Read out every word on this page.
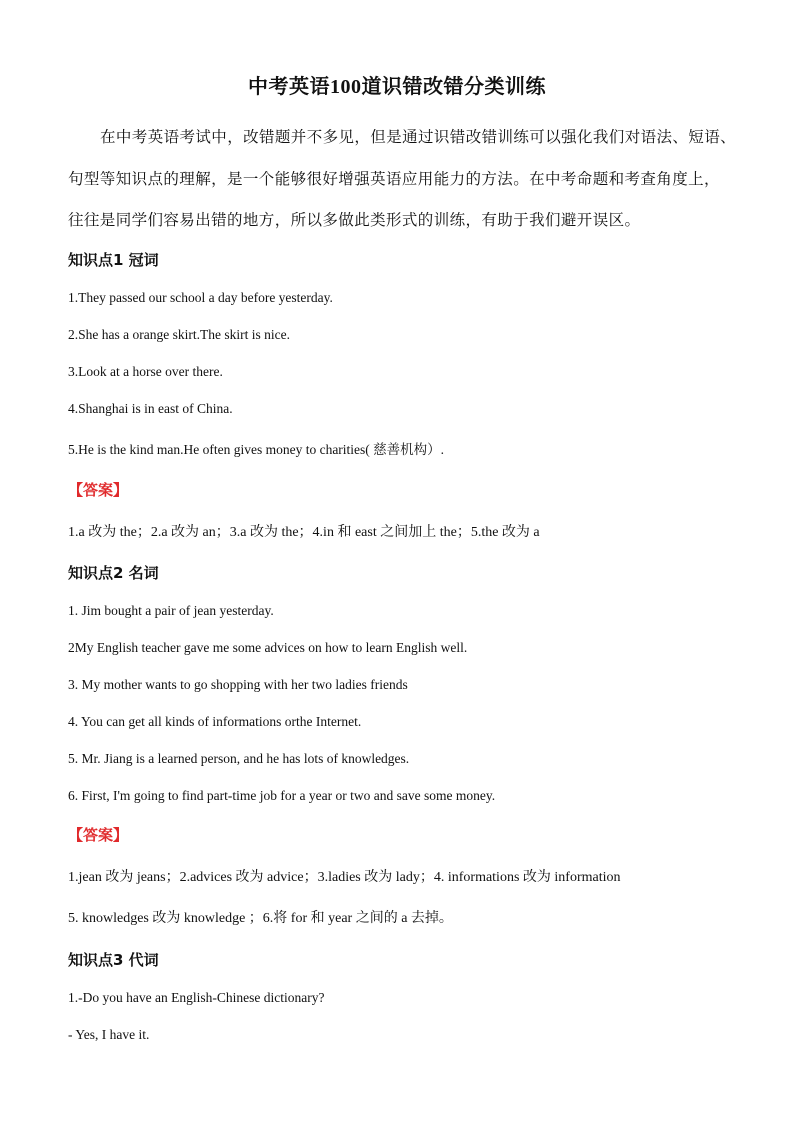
中考英语100道识错改错分类训练
在中考英语考试中，改错题并不多见，但是通过识错改错训练可以强化我们对语法、短语、
句型等知识点的理解，是一个能够很好增强英语应用能力的方法。在中考命题和考查角度上，
往往是同学们容易出错的地方，所以多做此类形式的训练，有助于我们避开误区。
知识点1 冠词
1.They passed our school a day before yesterday.
2.She has a orange skirt.The skirt is nice.
3.Look at a horse over there.
4.Shanghai is in east of China.
5.He is the kind man.He often gives money to charities( 慈善机构）.
【答案】
1.a 改为 the；2.a 改为 an；3.a 改为 the；4.in 和 east 之间加上 the；5.the 改为 a
知识点2 名词
1. Jim bought a pair of jean yesterday.
2My English teacher gave me some advices on how to learn English well.
3. My mother wants to go shopping with her two ladies friends
4. You can get all kinds of informations orthe Internet.
5. Mr. Jiang is a learned person, and he has lots of knowledges.
6. First, I'm going to find part-time job for a year or two and save some money.
【答案】
1.jean 改为 jeans；2.advices 改为 advice；3.ladies 改为 lady；4. informations 改为 information
5. knowledges 改为 knowledge ；6.将 for 和 year 之间的 a 去掉。
知识点3 代词
1.-Do you have an English-Chinese dictionary?
- Yes, I have it.
